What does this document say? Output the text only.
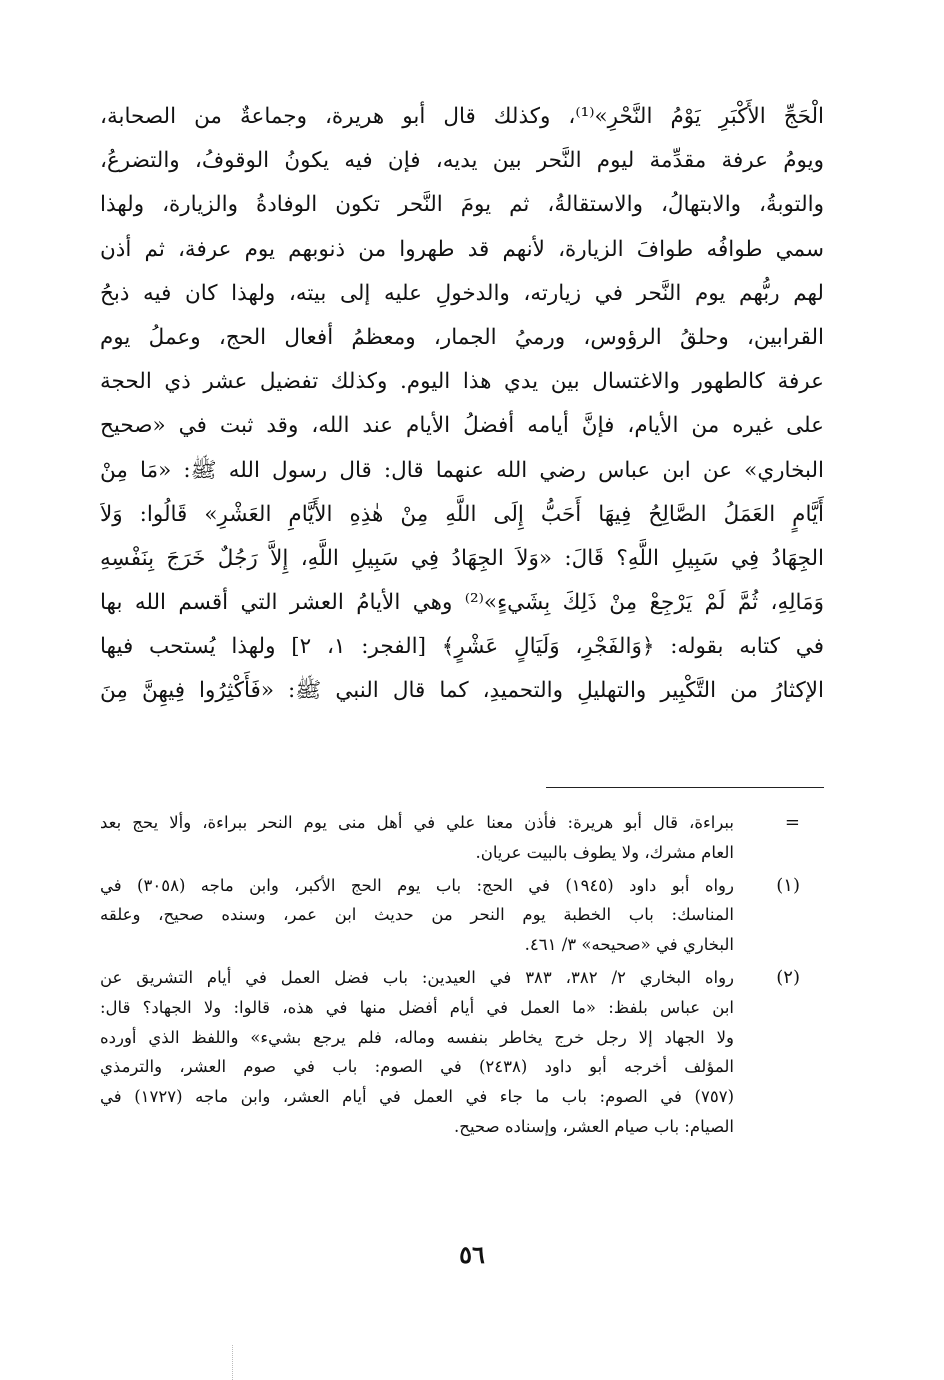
الْحَجِّ الأَكْبَرِ يَوْمُ النَّحْرِ»⁽¹⁾، وكذلك قال أبو هريرة، وجماعةٌ من الصحابة،
ويومُ عرفة مقدِّمة ليوم النَّحر بين يديه، فإن فيه يكونُ الوقوفُ، والتضرعُ،
والتوبةُ، والابتهالُ، والاستقالةُ، ثم يومَ النَّحر تكون الوفادةُ والزيارة، ولهذا
سمي طوافُه طوافَ الزيارة، لأنهم قد طهروا من ذنوبهم يوم عرفة، ثم أذن
لهم ربُّهم يوم النَّحر في زيارته، والدخولِ عليه إلى بيته، ولهذا كان فيه ذبحُ
القرابين، وحلقُ الرؤوس، ورميُ الجمار، ومعظمُ أفعال الحج، وعملُ يوم
عرفة كالطهور والاغتسال بين يدي هذا اليوم. وكذلك تفضيل عشر ذي الحجة
على غيره من الأيام، فإنَّ أيامه أفضلُ الأيام عند الله، وقد ثبت في «صحيح
البخاري» عن ابن عباس رضي الله عنهما قال: قال رسول الله ﷺ: «مَا مِنْ
أَيَّامٍ العَمَلُ الصَّالِحُ فِيهَا أَحَبُّ إِلَى اللَّهِ مِنْ هٰذِهِ الأَيَّامِ العَشْرِ» قَالُوا: وَلاَ
الجِهَادُ فِي سَبِيلِ اللَّهِ؟ قَالَ: «وَلاَ الجِهَادُ فِي سَبِيلِ اللَّهِ، إِلاَّ رَجُلٌ خَرَجَ بِنَفْسِهِ
وَمَالِهِ، ثُمَّ لَمْ يَرْجِعْ مِنْ ذَلِكَ بِشَيءٍ»⁽²⁾ وهي الأيامُ العشر التي أقسم الله بها
في كتابه بقوله: ﴿وَالفَجْرِ، وَلَيَالٍ عَشْرٍ﴾ [الفجر: ١، ٢] ولهذا يُستحب فيها
الإكثارُ من التَّكْبِير والتهليلِ والتحميدِ، كما قال النبي ﷺ: «فَأَكْثِرُوا فِيهِنَّ مِنَ
=
ببراءة، قال أبو هريرة: فأذن معنا علي في أهل منى يوم النحر ببراءة، وألا يحج بعد
العام مشرك، ولا يطوف بالبيت عريان.
(١)
رواه أبو داود (١٩٤٥) في الحج: باب يوم الحج الأكبر، وابن ماجه (٣٠٥٨) في
المناسك: باب الخطبة يوم النحر من حديث ابن عمر، وسنده صحيح، وعلقه
البخاري في «صحيحه» ٣/ ٤٦١.
(٢)
رواه البخاري ٢/ ٣٨٢، ٣٨٣ في العيدين: باب فضل العمل في أيام التشريق عن
ابن عباس بلفظ: «ما العمل في أيام أفضل منها في هذه، قالوا: ولا الجهاد؟ قال:
ولا الجهاد إلا رجل خرج يخاطر بنفسه وماله، فلم يرجع بشيء» واللفظ الذي أورده
المؤلف أخرجه أبو داود (٢٤٣٨) في الصوم: باب في صوم العشر، والترمذي
(٧٥٧) في الصوم: باب ما جاء في العمل في أيام العشر، وابن ماجه (١٧٢٧) في
الصيام: باب صيام العشر، وإسناده صحيح.
٥٦
